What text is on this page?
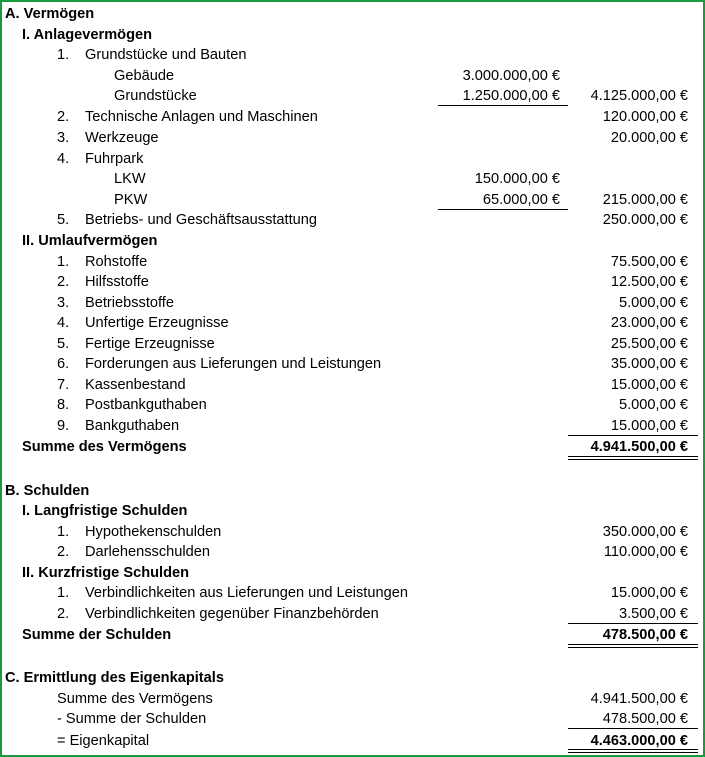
A. Vermögen
I. Anlagevermögen
1. Grundstücke und Bauten
Gebäude	3.000.000,00 €
Grundstücke	1.250.000,00 € 4.125.000,00 €
2. Technische Anlagen und Maschinen	120.000,00 €
3. Werkzeuge	20.000,00 €
4. Fuhrpark
LKW	150.000,00 €
PKW	65.000,00 €	215.000,00 €
5. Betriebs- und Geschäftsausstattung	250.000,00 €
II. Umlaufvermögen
1. Rohstoffe	75.500,00 €
2. Hilfsstoffe	12.500,00 €
3. Betriebsstoffe	5.000,00 €
4. Unfertige Erzeugnisse	23.000,00 €
5. Fertige Erzeugnisse	25.500,00 €
6. Forderungen aus Lieferungen und Leistungen	35.000,00 €
7. Kassenbestand	15.000,00 €
8. Postbankguthaben	5.000,00 €
9. Bankguthaben	15.000,00 €
Summe des Vermögens	4.941.500,00 €
B. Schulden
I. Langfristige Schulden
1. Hypothekenschulden	350.000,00 €
2. Darlehensschulden	110.000,00 €
II. Kurzfristige Schulden
1. Verbindlichkeiten aus Lieferungen und Leistungen	15.000,00 €
2. Verbindlichkeiten gegenüber Finanzbehörden	3.500,00 €
Summe der Schulden	478.500,00 €
C. Ermittlung des Eigenkapitals
Summe des Vermögens	4.941.500,00 €
- Summe der Schulden	478.500,00 €
= Eigenkapital	4.463.000,00 €
